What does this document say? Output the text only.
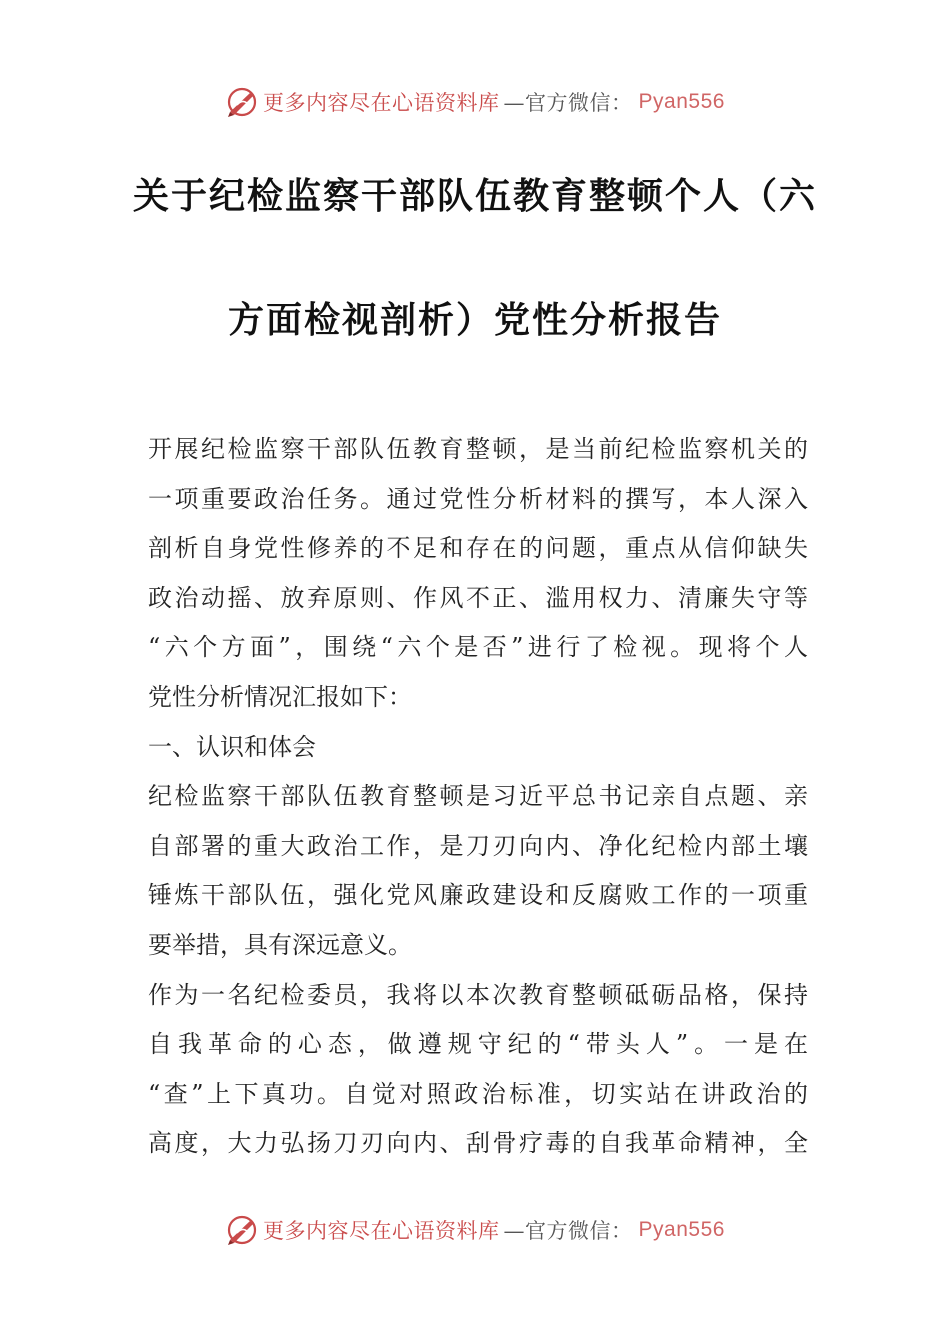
更多内容尽在心语资料库 —官方微信： Pyan556
关于纪检监察干部队伍教育整顿个人（六
方面检视剖析）党性分析报告
开展纪检监察干部队伍教育整顿，是当前纪检监察机关的
一项重要政治任务。通过党性分析材料的撰写，本人深入
剖析自身党性修养的不足和存在的问题，重点从信仰缺失
政治动摇、放弃原则、作风不正、滥用权力、清廉失守等
“六个方面”，围绕“六个是否”进行了检视。现将个人
党性分析情况汇报如下：
一、认识和体会
纪检监察干部队伍教育整顿是习近平总书记亲自点题、亲
自部署的重大政治工作，是刀刃向内、净化纪检内部土壤
锤炼干部队伍，强化党风廉政建设和反腐败工作的一项重
要举措，具有深远意义。
作为一名纪检委员，我将以本次教育整顿砥砺品格，保持
自我革命的心态，做遵规守纪的“带头人”。一是在
“查”上下真功。自觉对照政治标准，切实站在讲政治的
高度，大力弘扬刀刃向内、刮骨疗毒的自我革命精神，全
更多内容尽在心语资料库 —官方微信： Pyan556
